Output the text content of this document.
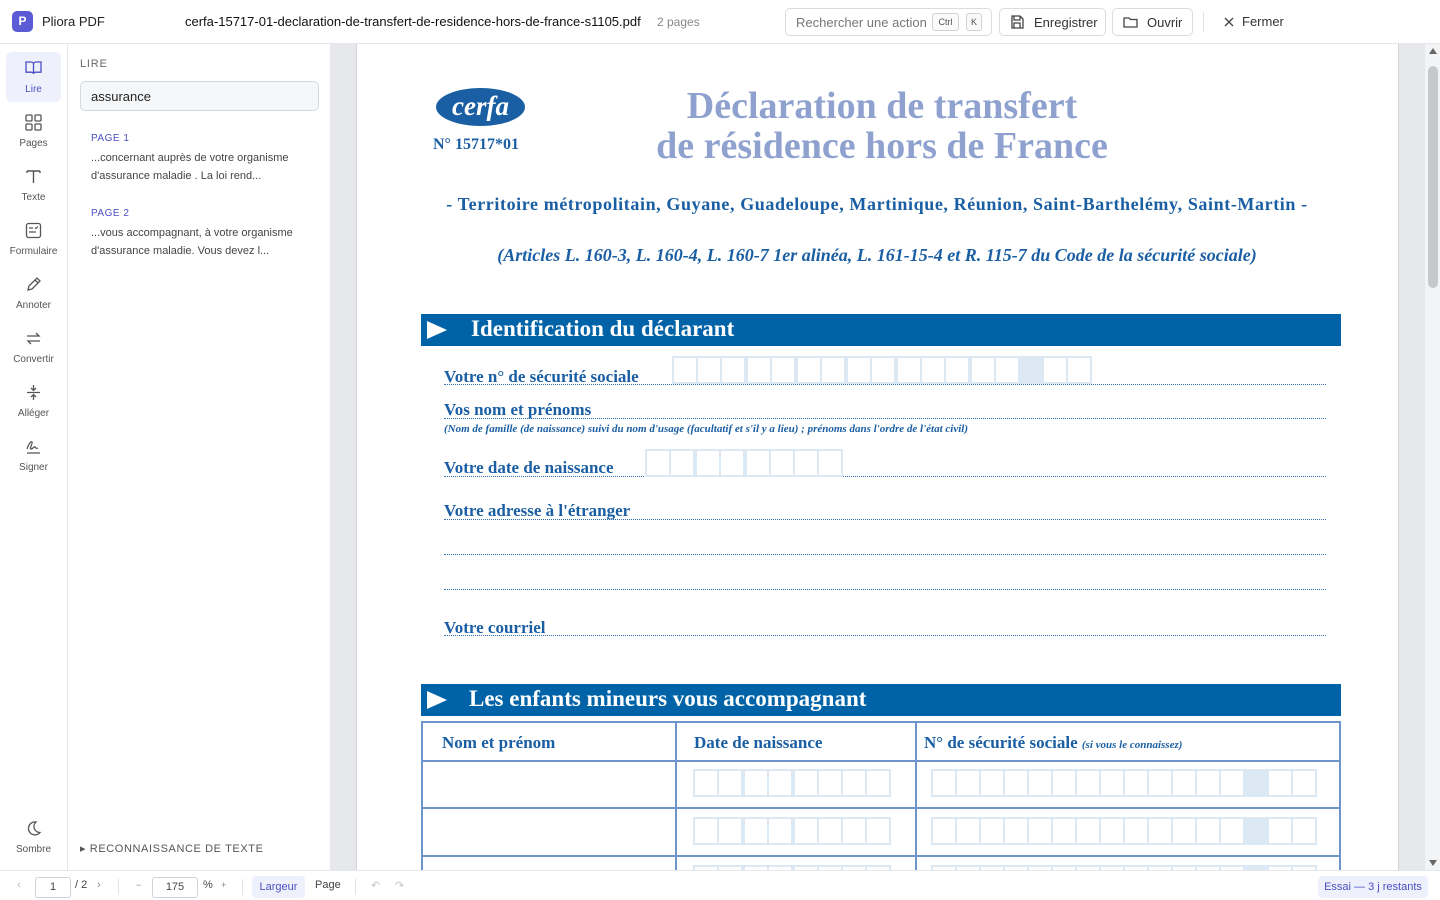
P	Pliora PDF	cerfa-15717-01-declaration-de-transfert-de-residence-hors-de-france-s1105.pdf 2 pages	Rechercher une action	Ctrl	K	Enregistrer	Ouvrir	Fermer
Lire
Pages
Texte
Formulaire
Annoter
Convertir
Alléger
Signer
Sombre
LIRE
assurance
PAGE 1
...concernant auprès de votre organisme d'assurance maladie . La loi rend...
PAGE 2
...vous accompagnant, à votre organisme d'assurance maladie. Vous devez l...
▸ RECONNAISSANCE DE TEXTE
cerfa
N° 15717*01
Déclaration de transfert
de résidence hors de France
- Territoire métropolitain, Guyane, Guadeloupe, Martinique, Réunion, Saint-Barthelémy, Saint-Martin -
(Articles L. 160-3, L. 160-4, L. 160-7 1er alinéa, L. 161-15-4 et R. 115-7 du Code de la sécurité sociale)
Identification du déclarant
Votre n° de sécurité sociale
Vos nom et prénoms
(Nom de famille (de naissance) suivi du nom d'usage (facultatif et s'il y a lieu) ; prénoms dans l'ordre de l'état civil)
Votre date de naissance
Votre adresse à l'étranger
Votre courriel
Les enfants mineurs vous accompagnant
Nom et prénom	Date de naissance	N° de sécurité sociale (si vous le connaissez)
‹	1	/ 2 ›	−	175	% +	Largeur	Page	↶ ↷	Essai — 3 j restants
